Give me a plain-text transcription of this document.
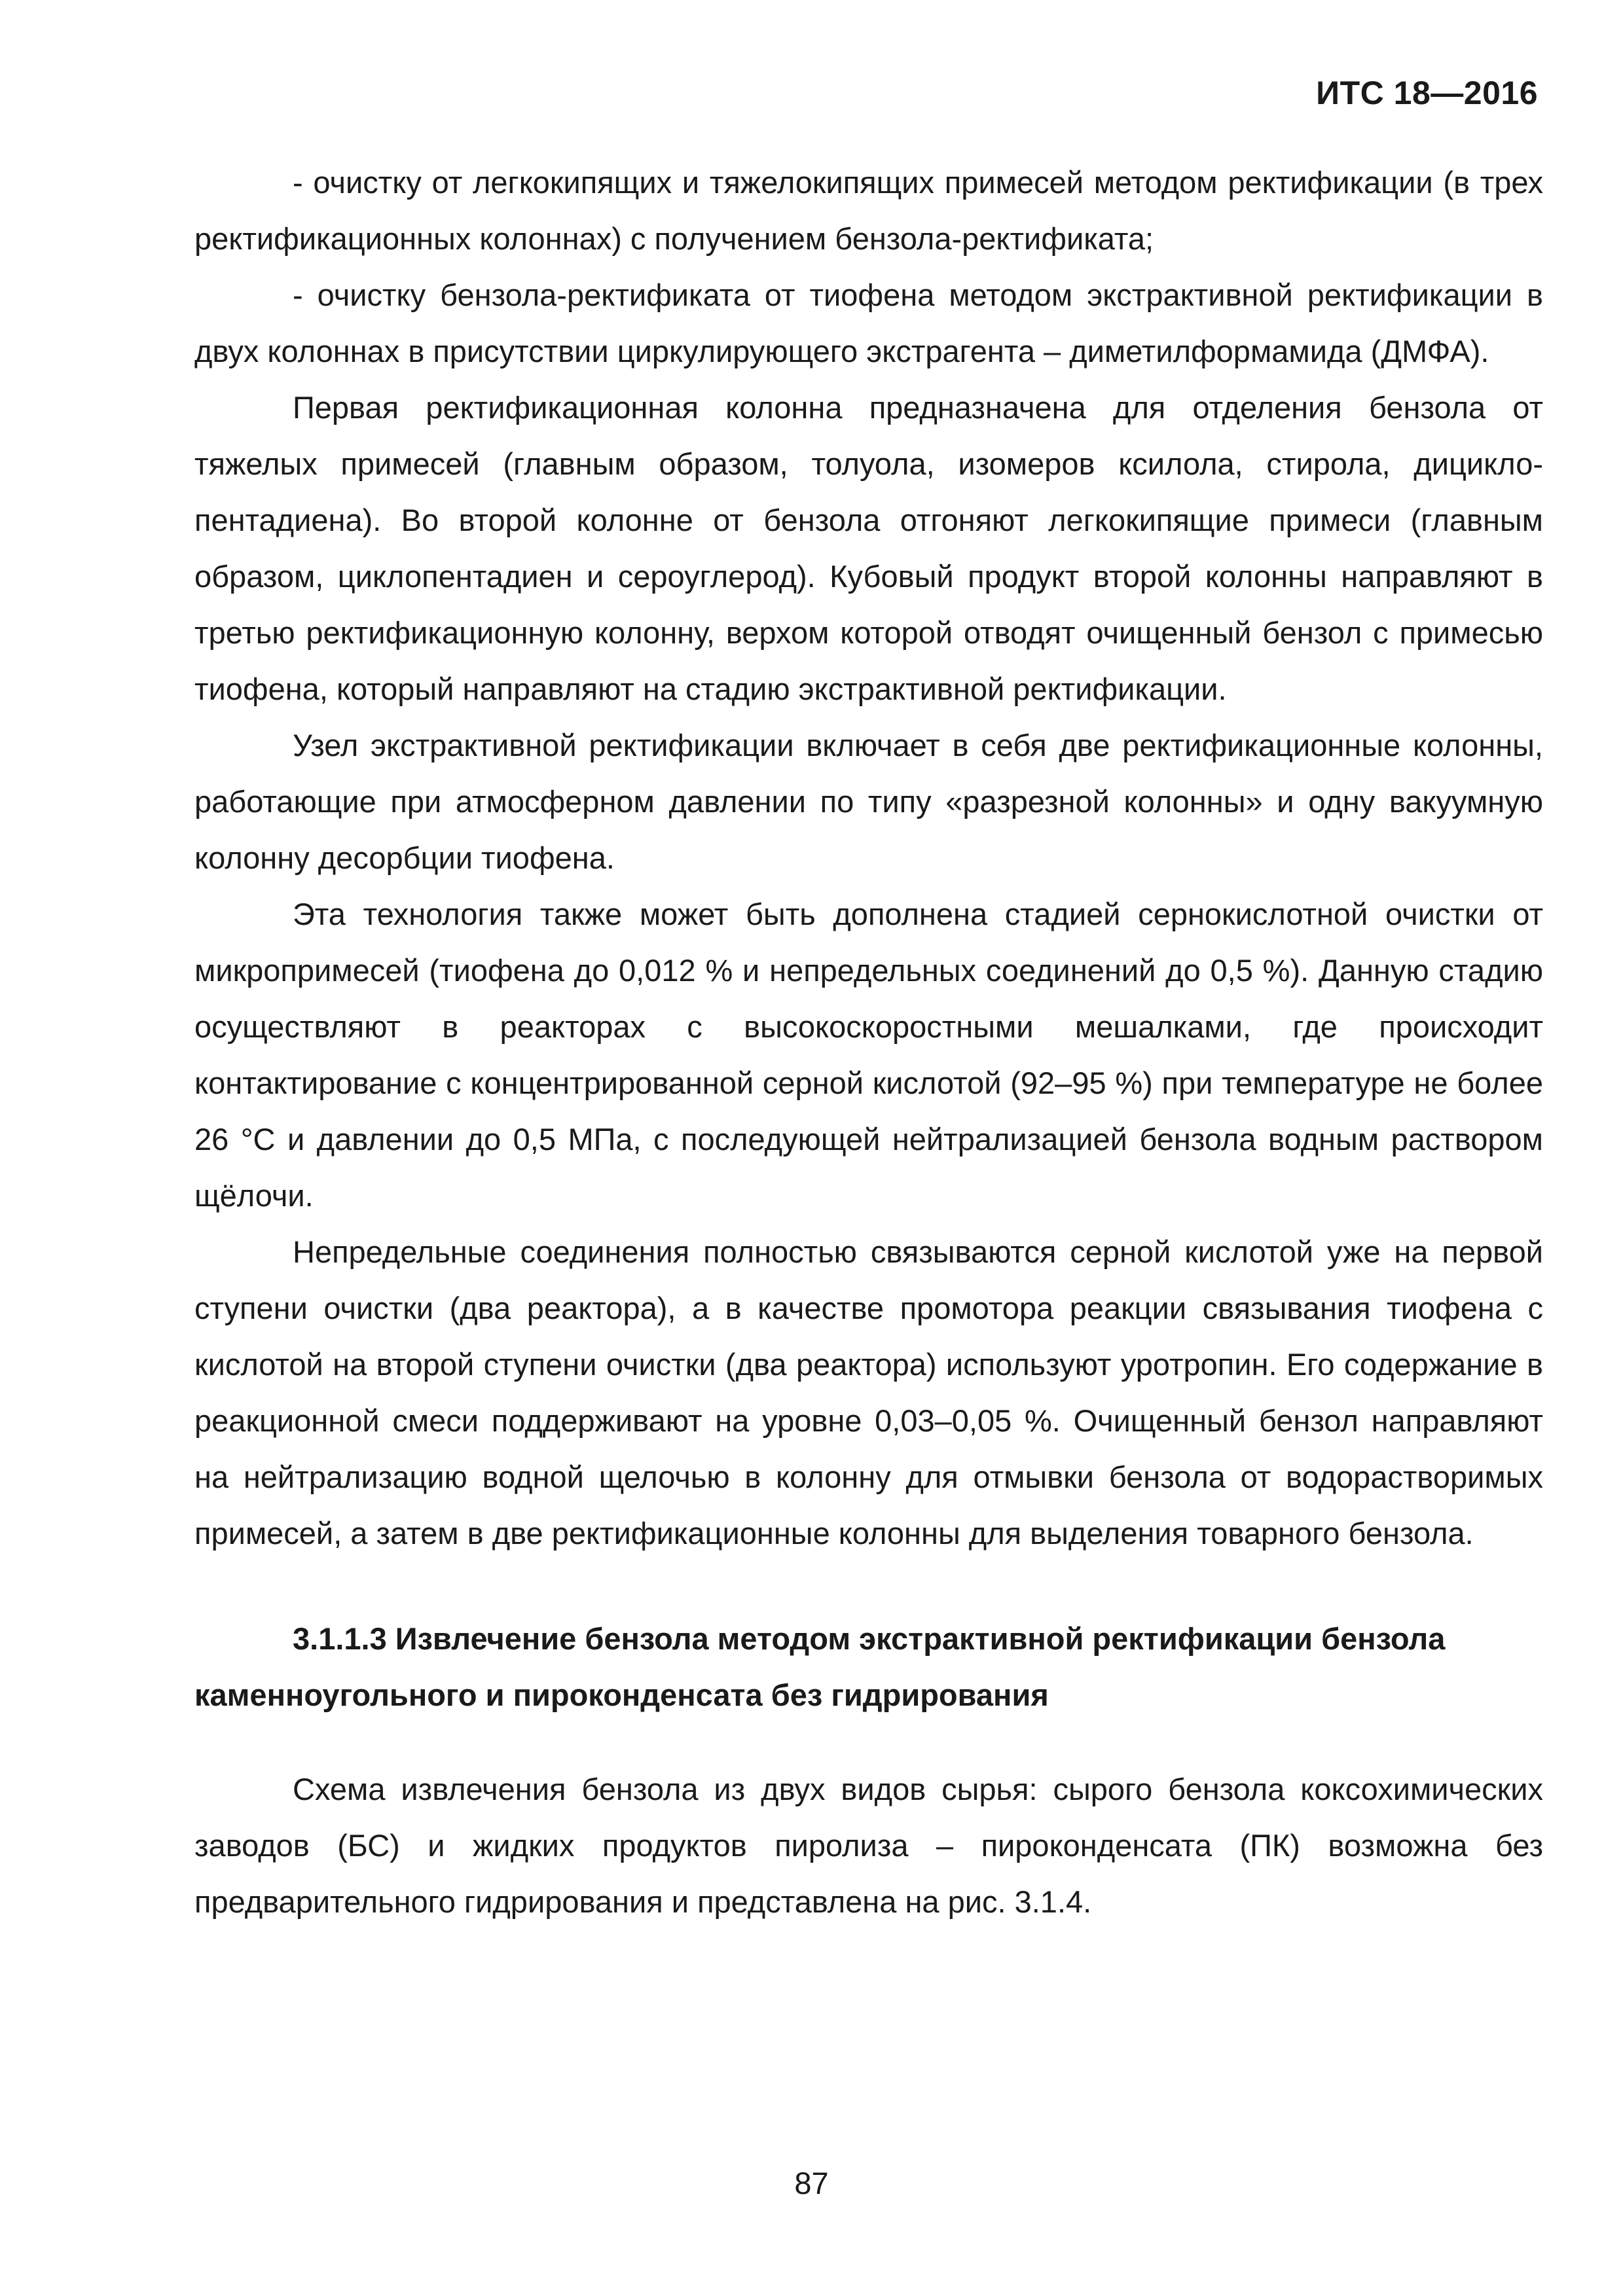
ИТС 18—2016

- очистку от легкокипящих и тяжелокипящих примесей методом ректификации (в трех ректификационных колоннах) с получением бензола-ректификата;

- очистку бензола-ректификата от тиофена методом экстрактивной ректификации в двух колоннах в присутствии циркулирующего экстрагента – диметилформамида (ДМФА).

Первая ректификационная колонна предназначена для отделения бензола от тяжелых примесей (главным образом, толуола, изомеров ксилола, стирола, дициклопентадиена). Во второй колонне от бензола отгоняют легкокипящие примеси (главным образом, циклопентадиен и сероуглерод). Кубовый продукт второй колонны направляют в третью ректификационную колонну, верхом которой отводят очищенный бензол с примесью тиофена, который направляют на стадию экстрактивной ректификации.

Узел экстрактивной ректификации включает в себя две ректификационные колонны, работающие при атмосферном давлении по типу «разрезной колонны» и одну вакуумную колонну десорбции тиофена.

Эта технология также может быть дополнена стадией сернокислотной очистки от микропримесей (тиофена до 0,012 % и непредельных соединений до 0,5 %). Данную стадию осуществляют в реакторах с высокоскоростными мешалками, где происходит контактирование с концентрированной серной кислотой (92–95 %) при температуре не более 26 °С и давлении до 0,5 МПа, с последующей нейтрализацией бензола водным раствором щёлочи.

Непредельные соединения полностью связываются серной кислотой уже на первой ступени очистки (два реактора), а в качестве промотора реакции связывания тиофена с кислотой на второй ступени очистки (два реактора) используют уротропин. Его содержание в реакционной смеси поддерживают на уровне 0,03–0,05 %. Очищенный бензол направляют на нейтрализацию водной щелочью в колонну для отмывки бензола от водорастворимых примесей, а затем в две ректификационные колонны для выделения товарного бензола.

3.1.1.3 Извлечение бензола методом экстрактивной ректификации бензола каменноугольного и пироконденсата без гидрирования

Схема извлечения бензола из двух видов сырья: сырого бензола коксохимических заводов (БС) и жидких продуктов пиролиза – пироконденсата (ПК) возможна без предварительного гидрирования и представлена на рис. 3.1.4.

87
